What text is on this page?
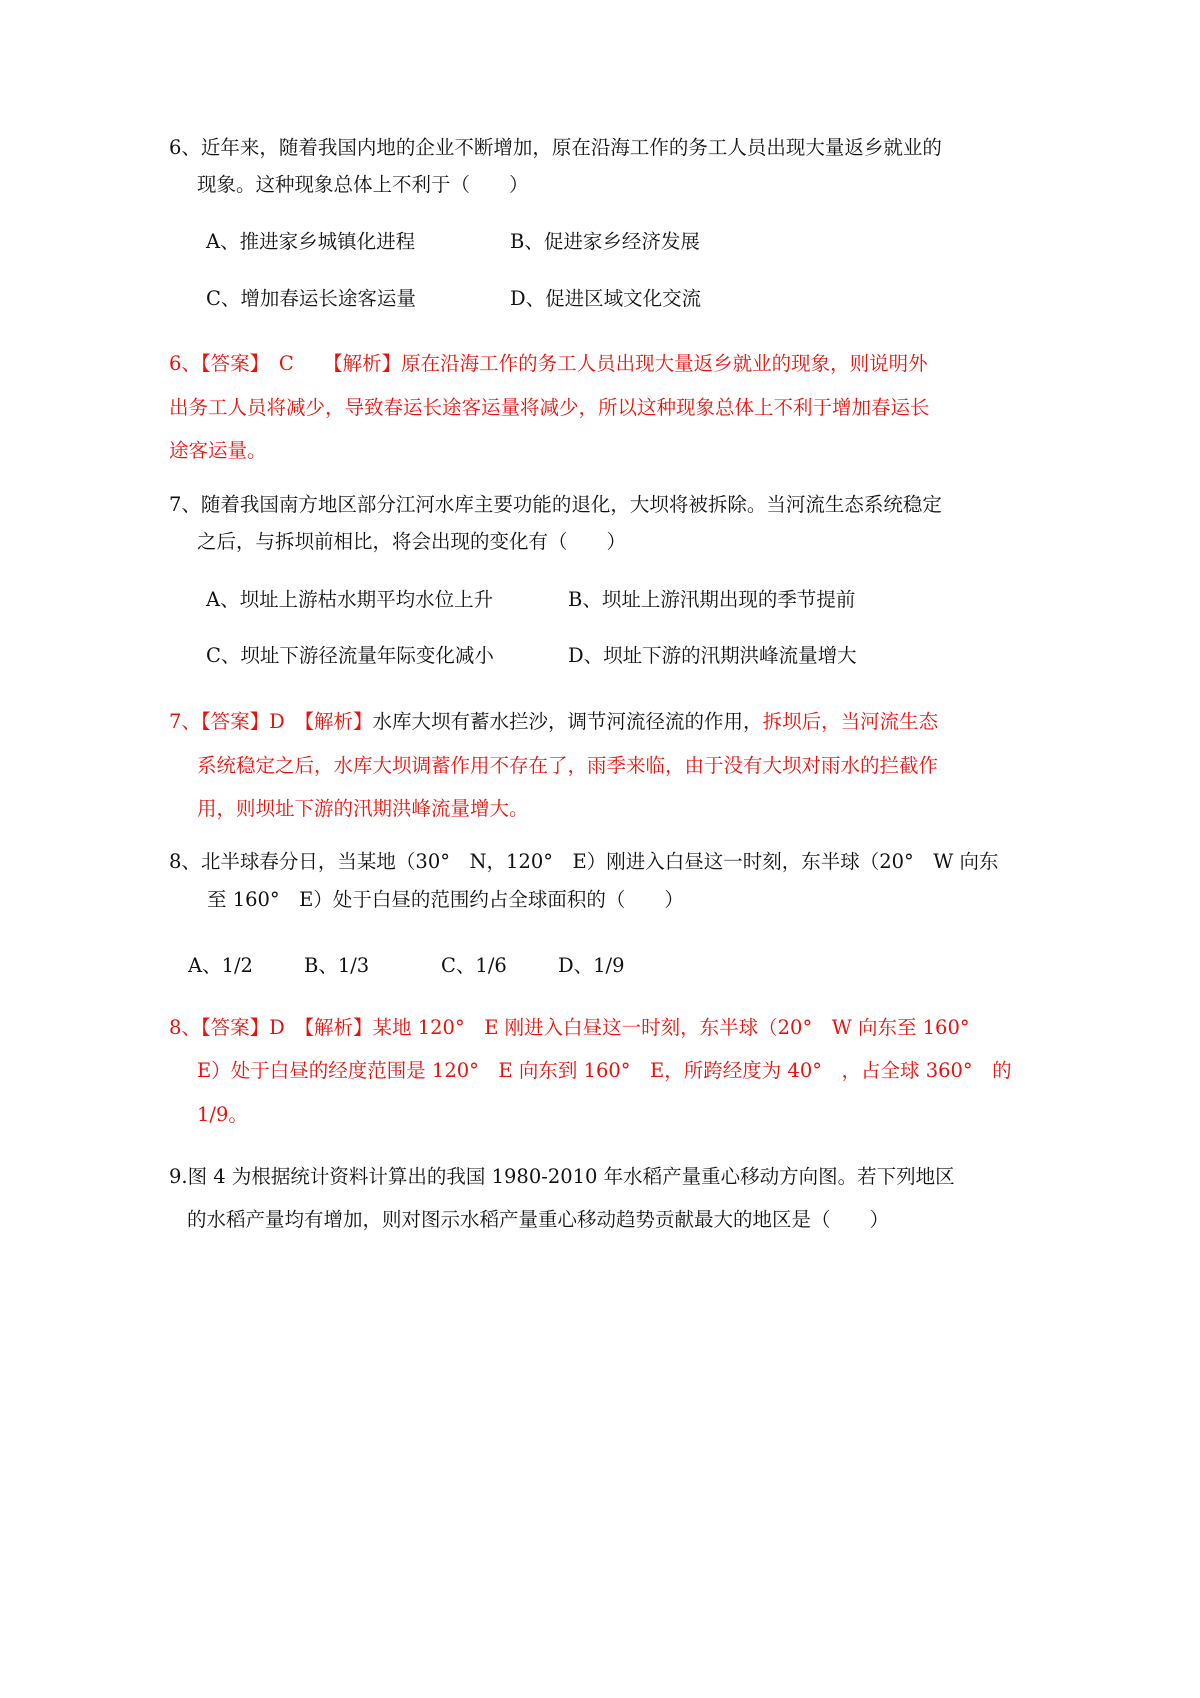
6、近年来，随着我国内地的企业不断增加，原在沿海工作的务工人员出现大量返乡就业的
现象。这种现象总体上不利于（　　）
A、推进家乡城镇化进程	B、促进家乡经济发展
C、增加春运长途客运量	D、促进区域文化交流
6、【答案】　C　　【解析】原在沿海工作的务工人员出现大量返乡就业的现象，则说明外
出务工人员将减少，导致春运长途客运量将减少，所以这种现象总体上不利于增加春运长
途客运量。
7、随着我国南方地区部分江河水库主要功能的退化，大坝将被拆除。当河流生态系统稳定
之后，与拆坝前相比，将会出现的变化有（　　）
A、坝址上游枯水期平均水位上升	B、坝址上游汛期出现的季节提前
C、坝址下游径流量年际变化减小	D、坝址下游的汛期洪峰流量增大
7、【答案】D　【解析】水库大坝有蓄水拦沙，调节河流径流的作用，拆坝后，当河流生态
系统稳定之后，水库大坝调蓄作用不存在了，雨季来临，由于没有大坝对雨水的拦截作
用，则坝址下游的汛期洪峰流量增大。
8、北半球春分日，当某地（30°　N，120°　E）刚进入白昼这一时刻，东半球（20°　W 向东
至 160°　E）处于白昼的范围约占全球面积的（　　）
A、1/2	B、1/3	C、1/6	D、1/9
8、【答案】D　【解析】某地 120°　E 刚进入白昼这一时刻，东半球（20°　W 向东至 160°
E）处于白昼的经度范围是 120°　E 向东到 160°　E，所跨经度为 40°　，占全球 360°　的
1/9。
9.图 4 为根据统计资料计算出的我国 1980-2010 年水稻产量重心移动方向图。若下列地区
的水稻产量均有增加，则对图示水稻产量重心移动趋势贡献最大的地区是（　　）
